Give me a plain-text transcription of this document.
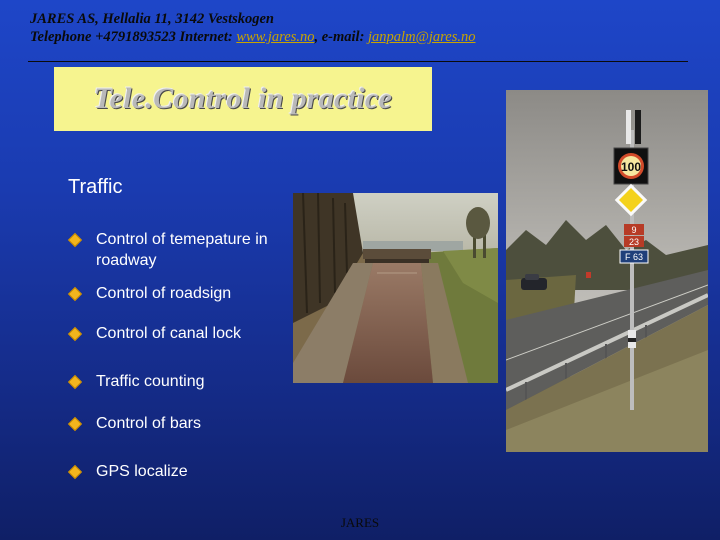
JARES AS, Hellalia 11, 3142 Vestskogen
Telephone +4791893523 Internet: www.jares.no, e-mail: janpalm@jares.no
Tele.Control in practice
Traffic
Control of temepature in roadway
Control of roadsign
Control of canal lock
Traffic counting
Control of bars
GPS localize
100
9
23
F 63
JARES
